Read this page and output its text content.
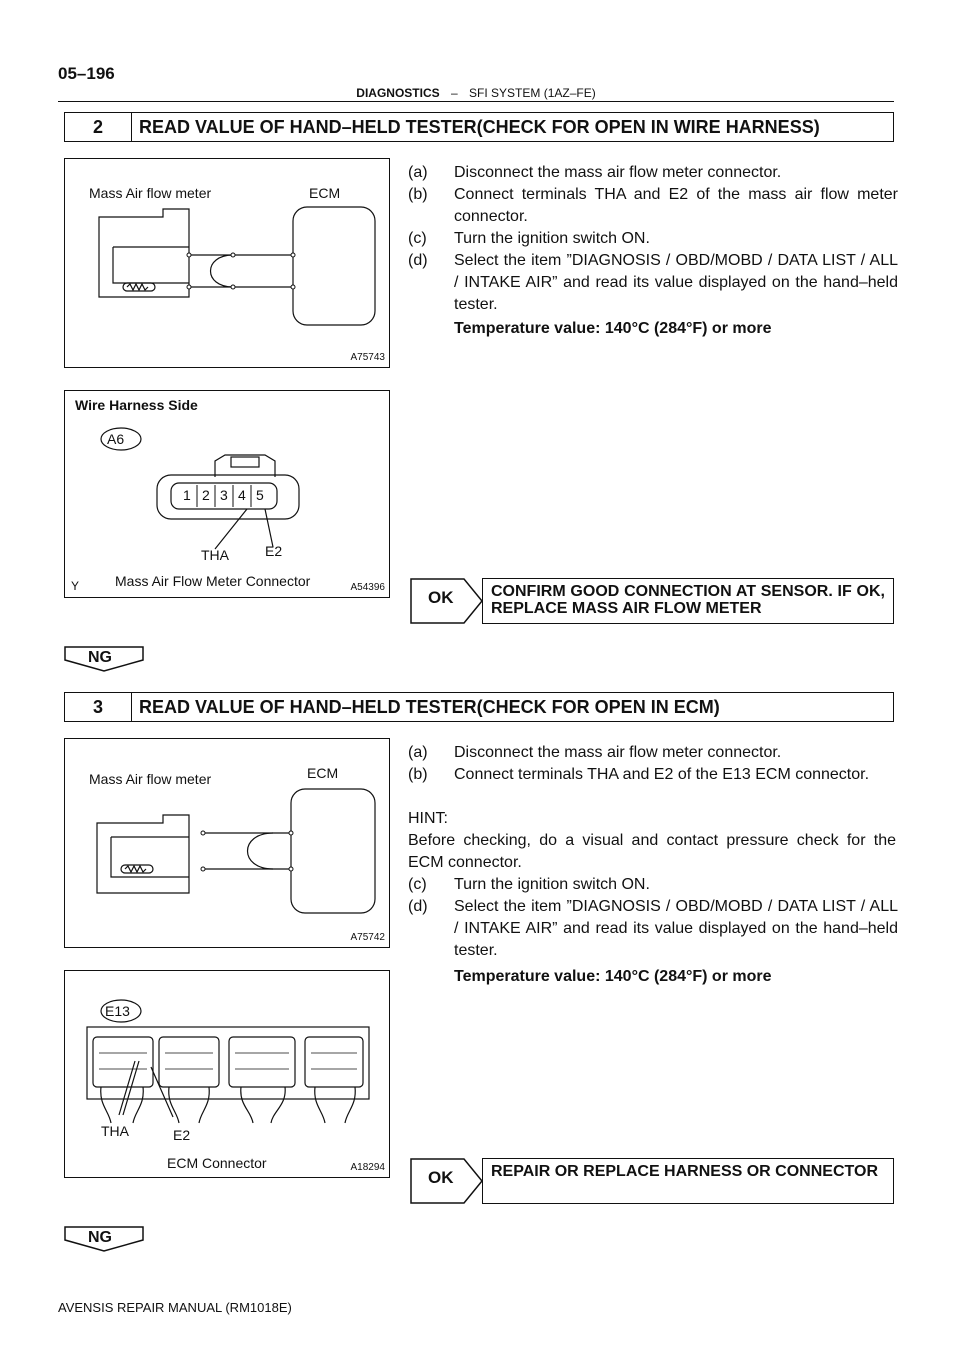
05–196
DIAGNOSTICS – SFI SYSTEM (1AZ–FE)
2	READ VALUE OF HAND–HELD TESTER(CHECK FOR OPEN IN WIRE HARNESS)
Mass Air flow meter	ECM
A75743
Wire Harness Side
A6
1 2 3 4 5
THA	E2
Mass Air Flow Meter Connector
Y	A54396
(a) Disconnect the mass air flow meter connector.
(b) Connect terminals THA and E2 of the mass air flow meter connector.
(c) Turn the ignition switch ON.
(d) Select the item ”DIAGNOSIS / OBD/MOBD / DATA LIST / ALL / INTAKE AIR” and read its value displayed on the hand–held tester.
Temperature value: 140°C (284°F) or more
OK	CONFIRM GOOD CONNECTION AT SENSOR. IF OK, REPLACE MASS AIR FLOW METER
NG
3	READ VALUE OF HAND–HELD TESTER(CHECK FOR OPEN IN ECM)
Mass Air flow meter	ECM
A75742
E13
THA	E2
ECM Connector	A18294
(a) Disconnect the mass air flow meter connector.
(b) Connect terminals THA and E2 of the E13 ECM connector.
HINT:
Before checking, do a visual and contact pressure check for the ECM connector.
(c) Turn the ignition switch ON.
(d) Select the item ”DIAGNOSIS / OBD/MOBD / DATA LIST / ALL / INTAKE AIR” and read its value displayed on the hand–held tester.
Temperature value: 140°C (284°F) or more
OK	REPAIR OR REPLACE HARNESS OR CONNECTOR
NG
AVENSIS REPAIR MANUAL (RM1018E)
